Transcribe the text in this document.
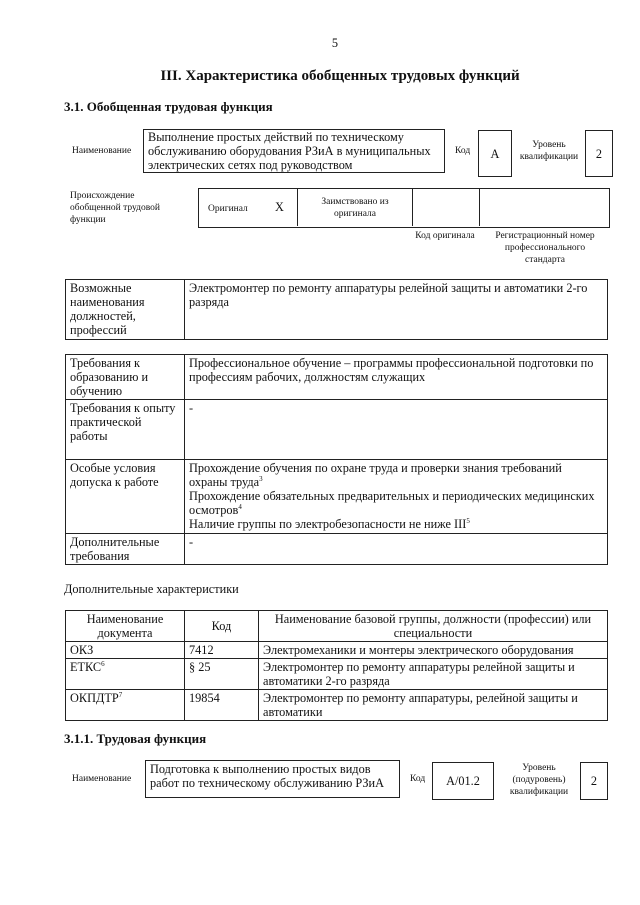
5
III. Характеристика обобщенных трудовых функций
3.1. Обобщенная трудовая функция
Наименование
Выполнение простых действий по техническому обслуживанию оборудования РЗиА в муниципальных электрических сетях под руководством
Код	А
Уровень квалификации	2
Происхождение обобщенной трудовой функции
Оригинал X	Заимствовано из оригинала
Код оригинала	Регистрационный номер профессионального стандарта
Возможные наименования должностей, профессий	Электромонтер по ремонту аппаратуры релейной защиты и автоматики 2-го разряда
Требования к образованию и обучению	Профессиональное обучение – программы профессиональной подготовки по профессиям рабочих, должностям служащих
Требования к опыту практической работы	-
Особые условия допуска к работе	Прохождение обучения по охране труда и проверки знания требований охраны труда$^3$
Прохождение обязательных предварительных и периодических медицинских осмотров$^4$
Наличие группы по электробезопасности не ниже III$^5$
Дополнительные требования	-
Дополнительные характеристики
Наименование документа	Код	Наименование базовой группы, должности (профессии) или специальности
ОКЗ	7412	Электромеханики и монтеры электрического оборудования
ЕТКС$^6$	§ 25	Электромонтер по ремонту аппаратуры релейной защиты и автоматики 2-го разряда
ОКПДТР$^7$	19854	Электромонтер по ремонту аппаратуры, релейной защиты и автоматики
3.1.1. Трудовая функция
Наименование
Подготовка к выполнению простых видов работ по техническому обслуживанию РЗиА	Код	A/01.2
Уровень (подуровень) квалификации
2
